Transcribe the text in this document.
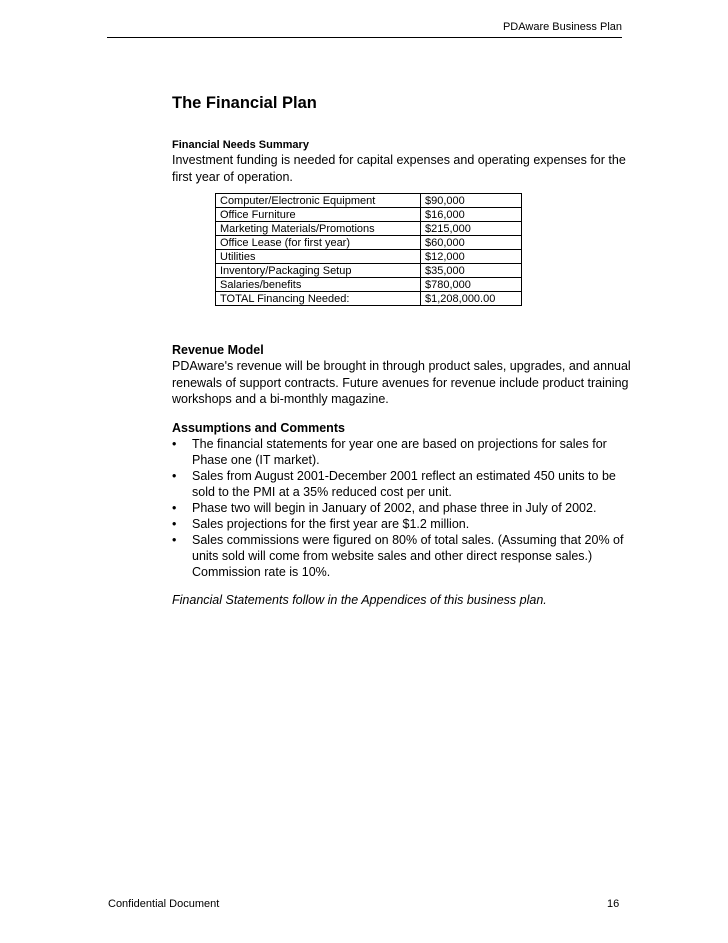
PDAware Business Plan
The Financial Plan
Financial Needs Summary

Investment funding is needed for capital expenses and operating expenses for the first year of operation.

Computer/Electronic Equipment	$90,000
Office Furniture	$16,000
Marketing Materials/Promotions	$215,000
Office Lease (for first year)	$60,000
Utilities	$12,000
Inventory/Packaging Setup	$35,000
Salaries/benefits	$780,000
TOTAL Financing Needed:	$1,208,000.00
Revenue Model

PDAware's revenue will be brought in through product sales, upgrades, and annual renewals of support contracts. Future avenues for revenue include product training workshops and a bi-monthly magazine.

Assumptions and Comments
• The financial statements for year one are based on projections for sales for Phase one (IT market).
• Sales from August 2001-December 2001 reflect an estimated 450 units to be sold to the PMI at a 35% reduced cost per unit.
• Phase two will begin in January of 2002, and phase three in July of 2002.
• Sales projections for the first year are $1.2 million.
• Sales commissions were figured on 80% of total sales. (Assuming that 20% of units sold will come from website sales and other direct response sales.) Commission rate is 10%.
Financial Statements follow in the Appendices of this business plan.
Confidential Document	16
